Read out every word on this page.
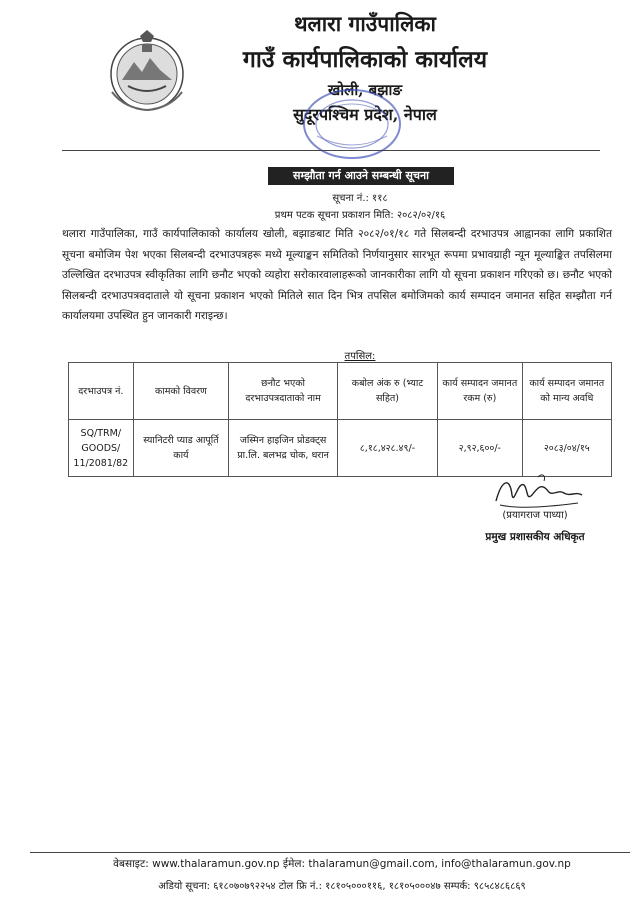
थलारा गाउँपालिका
गाउँ कार्यपालिकाको कार्यालय
खोली, बझाङ
सुदूरपश्चिम प्रदेश, नेपाल
सम्झौता गर्न आउने सम्बन्धी सूचना
सूचना नं.: ११८
प्रथम पटक सूचना प्रकाशन मिति: २०८२/०२/१६
थलारा गाउँपालिका, गाउँ कार्यपालिकाको कार्यालय खोली, बझाङबाट मिति २०८२/०१/१८ गते सिलबन्दी दरभाउपत्र आह्वानका लागि प्रकाशित सूचना बमोजिम पेश भएका सिलबन्दी दरभाउपत्रहरू मध्ये मूल्याङ्कन समितिको निर्णयानुसार सारभूत रूपमा प्रभावग्राही न्यून मूल्याङ्कित तपसिलमा उल्लिखित दरभाउपत्र स्वीकृतिका लागि छनौट भएको व्यहोरा सरोकारवालाहरूको जानकारीका लागि यो सूचना प्रकाशन गरिएको छ। छनौट भएको सिलबन्दी दरभाउपत्रवदाताले यो सूचना प्रकाशन भएको मितिले सात दिन भित्र तपसिल बमोजिमको कार्य सम्पादन जमानत सहित सम्झौता गर्न कार्यालयमा उपस्थित हुन जानकारी गराइन्छ।
तपसिल:
दरभाउपत्र नं.	कामको विवरण	छनौट भएको दरभाउपत्रदाताको नाम	कबोल अंक रु (भ्याट सहित)	कार्य सम्पादन जमानत रकम (रु)	कार्य सम्पादन जमानत को मान्य अवधि
SQ/TRM/ GOODS/ 11/2081/82	स्यानिटरी प्याड आपूर्ति कार्य	जस्मिन हाइजिन प्रोडक्ट्स प्रा.लि. बलभद्र चोक, धरान	८,१८,४२८.४९/-	२,९२,६००/-	२०८३/०४/१५
(प्रयागराज पाध्या)
प्रमुख प्रशासकीय अधिकृत
वेबसाइट: www.thalaramun.gov.np ईमेल: thalaramun@gmail.com, info@thalaramun.gov.np
अडियो सूचना: ६१८०७०७९२२५४ टोल फ्रि नं.: १८१०५०००११६, १८१०५०००४७ सम्पर्क: ९८५८४८६८६९
